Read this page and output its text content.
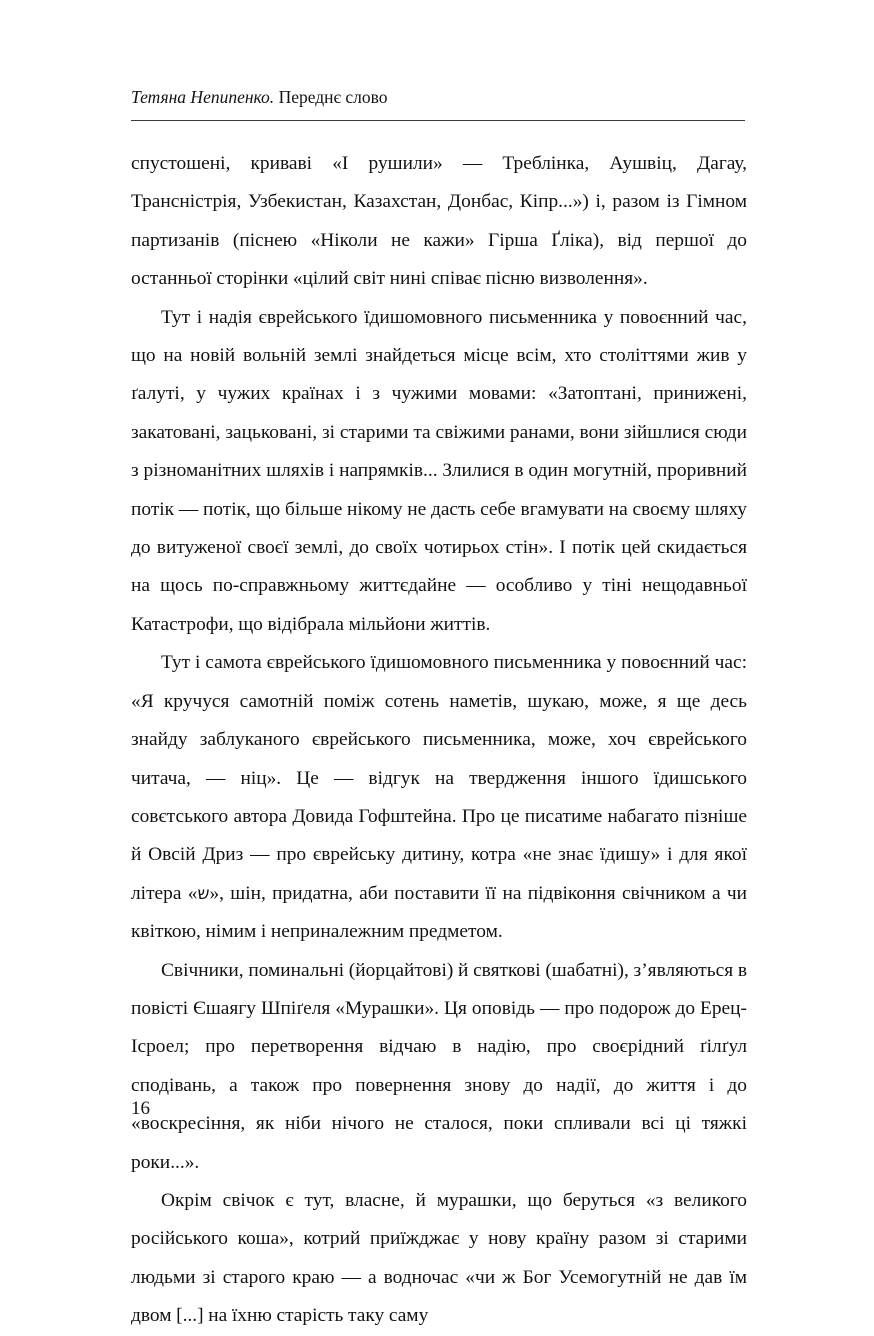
Тетяна Непипенко. Переднє слово

спустошені, криваві «І рушили» — Треблінка, Аушвіц, Дагау, Трансністрія, Узбекистан, Казахстан, Донбас, Кіпр...») і, разом із Гімном партизанів (піснею «Ніколи не кажи» Гірша Ґліка), від першої до останньої сторінки «цілий світ нині співає пісню визволення».

Тут і надія єврейського їдишомовного письменника у повоєнний час, що на новій вольній землі знайдеться місце всім, хто століттями жив у ґалуті, у чужих країнах і з чужими мовами: «Затоптані, принижені, закатовані, зацьковані, зі старими та свіжими ранами, вони зійшлися сюди з різноманітних шляхів і напрямків... Злилися в один могутній, проривний потік — потік, що більше нікому не дасть себе вгамувати на своєму шляху до витуженої своєї землі, до своїх чотирьох стін». І потік цей скидається на щось по-справжньому життєдайне — особливо у тіні нещодавньої Катастрофи, що відібрала мільйони життів.

Тут і самота єврейського їдишомовного письменника у повоєнний час: «Я кручуся самотній поміж сотень наметів, шукаю, може, я ще десь знайду заблуканого єврейського письменника, може, хоч єврейського читача, — ніц». Це — відгук на твердження іншого їдишського совєтського автора Довида Гофштейна. Про це писатиме набагато пізніше й Овсій Дриз — про єврейську дитину, котра «не знає їдишу» і для якої літера «ש», шін, придатна, аби поставити її на підвіконня свічником а чи квіткою, німим і неприналежним предметом.

Свічники, поминальні (йорцайтові) й святкові (шабатні), з’являються в повісті Єшаягу Шпіґеля «Мурашки». Ця оповідь — про подорож до Ерец-Ісроел; про перетворення відчаю в надію, про своєрідний ґілґул сподівань, а також про повернення знову до надії, до життя і до «воскресіння, як ніби нічого не сталося, поки спливали всі ці тяжкі роки...».

Окрім свічок є тут, власне, й мурашки, що беруться «з великого російського коша», котрий приїжджає у нову країну разом зі старими людьми зі старого краю — а водночас «чи ж Бог Усемогутній не дав їм двом [...] на їхню старість таку саму

16
